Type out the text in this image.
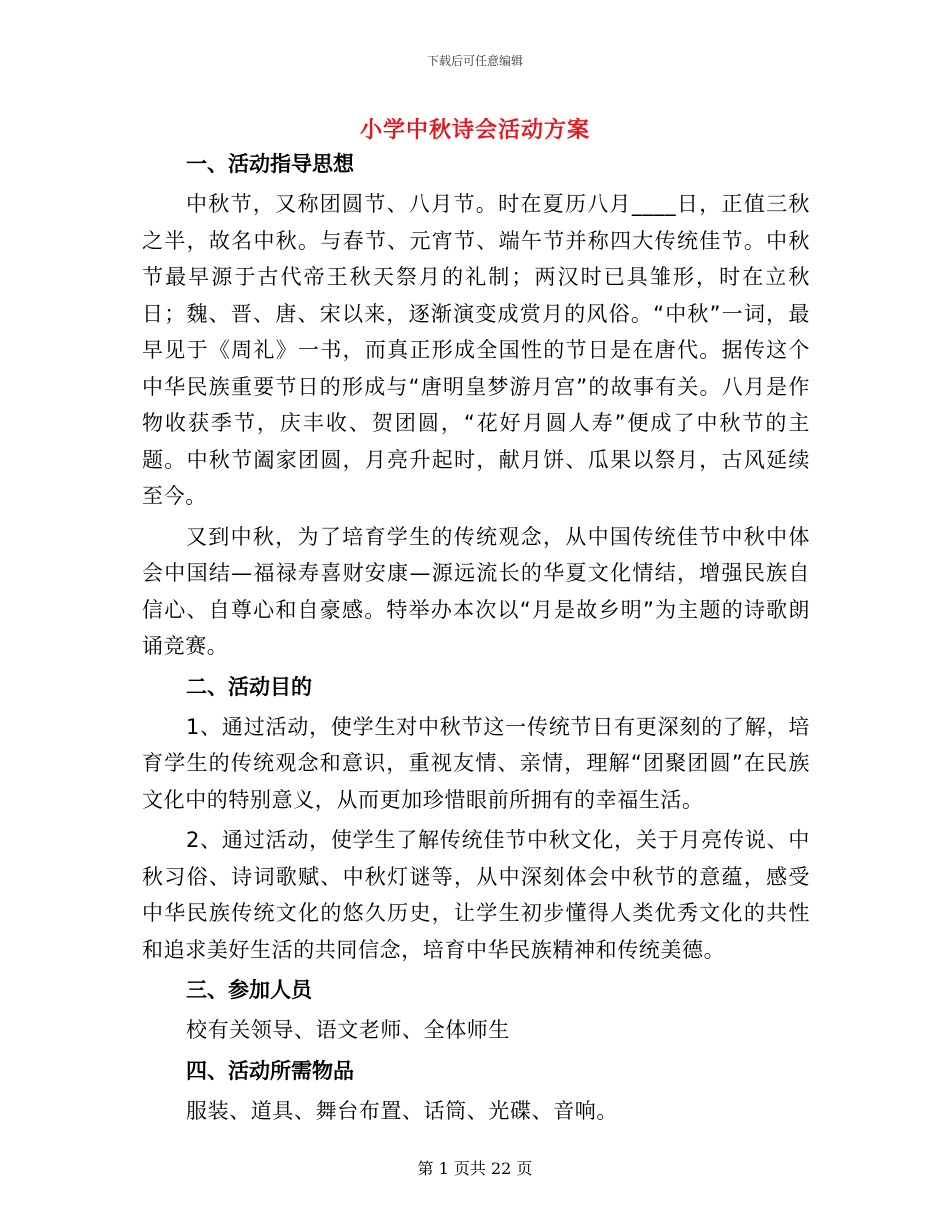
下载后可任意编辑
小学中秋诗会活动方案

一、活动指导思想

中秋节，又称团圆节、八月节。时在夏历八月____日，正值三秋之半，故名中秋。与春节、元宵节、端午节并称四大传统佳节。中秋节最早源于古代帝王秋天祭月的礼制；两汉时已具雏形，时在立秋日；魏、晋、唐、宋以来，逐渐演变成赏月的风俗。“中秋”一词，最早见于《周礼》一书，而真正形成全国性的节日是在唐代。据传这个中华民族重要节日的形成与“唐明皇梦游月宫”的故事有关。八月是作物收获季节，庆丰收、贺团圆，“花好月圆人寿”便成了中秋节的主题。中秋节阖家团圆，月亮升起时，献月饼、瓜果以祭月，古风延续至今。

又到中秋，为了培育学生的传统观念，从中国传统佳节中秋中体会中国结—福禄寿喜财安康—源远流长的华夏文化情结，增强民族自信心、自尊心和自豪感。特举办本次以“月是故乡明”为主题的诗歌朗诵竞赛。

二、活动目的

1、通过活动，使学生对中秋节这一传统节日有更深刻的了解，培育学生的传统观念和意识，重视友情、亲情，理解“团聚团圆”在民族文化中的特别意义，从而更加珍惜眼前所拥有的幸福生活。

2、通过活动，使学生了解传统佳节中秋文化，关于月亮传说、中秋习俗、诗词歌赋、中秋灯谜等，从中深刻体会中秋节的意蕴，感受中华民族传统文化的悠久历史，让学生初步懂得人类优秀文化的共性和追求美好生活的共同信念，培育中华民族精神和传统美德。

三、参加人员

校有关领导、语文老师、全体师生

四、活动所需物品

服装、道具、舞台布置、话筒、光碟、音响。

第 1 页共 22 页
